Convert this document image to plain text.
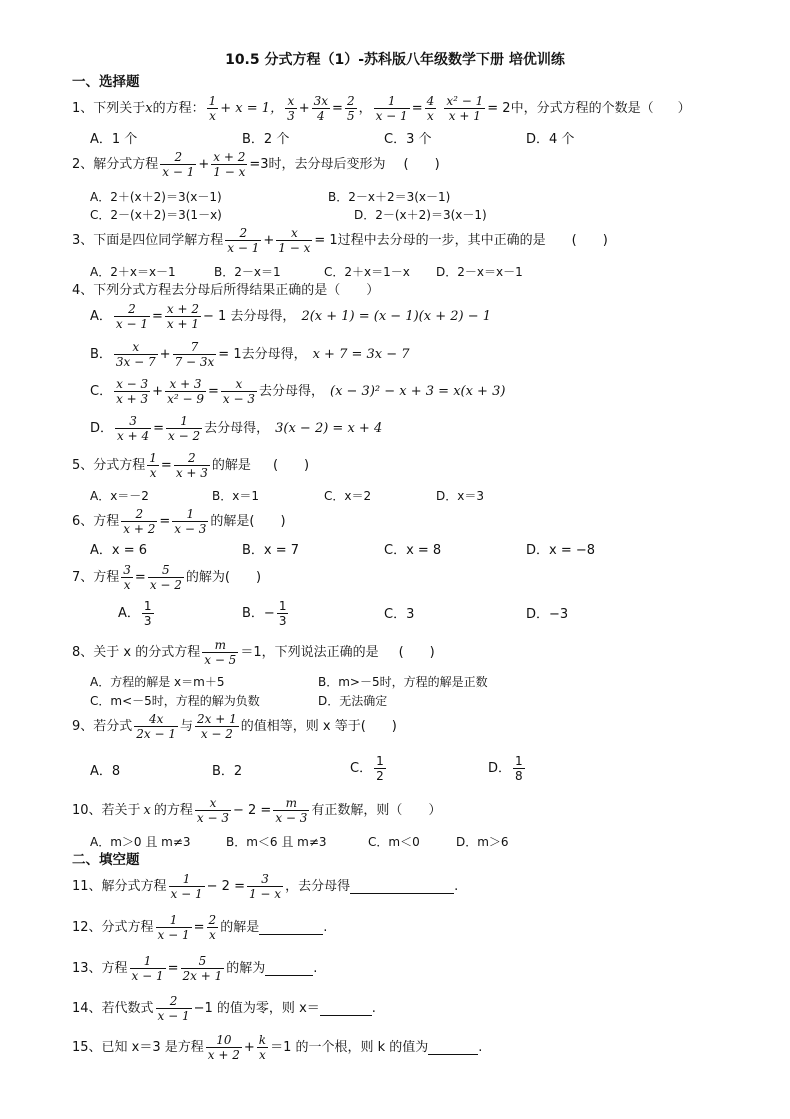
10.5 分式方程（1）-苏科版八年级数学下册 培优训练
一、选择题
1、下列关于 x 的方程： $\frac{1}{x} + x = 1$， $\frac{x}{3} + \frac{3x}{4} = \frac{2}{5}$ ， $\frac{1}{x - 1} = \frac{4}{x}$
$\frac{\text{x² − 1}}{x + 1} = 2$中，分式方程的个数是（ ）
A．1 个	B．2 个	C．3 个	D．4 个
2、解分式方程 $\frac{2}{x - 1} + \frac{x + 2}{1 - x} =3$时，去分母后变形为 (　　)
A．2＋(x＋2)＝3(x－1)	B．2－x＋2＝3(x－1)
C．2－(x＋2)＝3(1－x)	D．2－(x＋2)＝3(x－1)
3、下面是四位同学解方程 $\frac{2}{x - 1} + \frac{x}{1 - x} = 1$过程中去分母的一步，其中正确的是 (　　)
A．2＋x＝x－1	B．2－x＝1	C．2＋x＝1－x D．2－x＝x－1
4、下列分式方程去分母后所得结果正确的是（　　）
A． $\frac{2}{x - 1} = \frac{x + 2}{x + 1} - 1$ 去分母得， 2(x + 1) = (x − 1)(x + 2) − 1
B． $\frac{x}{3x - 7} + \frac{7}{7 - 3x} = 1$去分母得， x + 7 = 3x − 7
C． $\frac{x - 3}{x + 3} + \frac{x + 3}{\text{x² − 9}} = \frac{x}{x - 3}$ 去分母得， (x − 3)² − x + 3 = x(x + 3)
D． $\frac{3}{x + 4} = \frac{1}{x - 2}$ 去分母得， 3(x − 2) = x + 4
5、分式方程 $\frac{1}{x} = \frac{2}{x + 3}$ 的解是 (　　)
A．x＝－2	B．x＝1	C．x＝2	D．x＝3
6、方程 $\frac{2}{x + 2} = \frac{1}{x - 3}$ 的解是(　　)
A．x = 6	B．x = 7	C．x = 8	D．x = −8
7、方程 $\frac{3}{x} = \frac{5}{x - 2}$ 的解为(　　)
A． $\frac{1}{3}$	B．− $\frac{1}{3}$	C．3	D．−3
8、关于 x 的分式方程 $\frac{m}{x - 5} =1$，下列说法正确的是 (　　)
A．方程的解是 x＝m＋5	B．m>－5时，方程的解是正数
C．m<－5时，方程的解为负数	D．无法确定
9、若分式 $\frac{4x}{2x - 1}$ 与 $\frac{2x + 1}{x - 2}$ 的值相等，则 x 等于(　　)
A．8	B．2	C． $\frac{1}{2}$	D． $\frac{1}{8}$
10、若关于 x 的方程 $\frac{x}{x - 3} - 2 = \frac{m}{x - 3}$ 有正数解，则（　　）
A．m＞0 且 m≠3	B．m＜6 且 m≠3	C．m＜0	D．m＞6
二、填空题
11、解分式方程 $\frac{1}{x - 1} - 2 = \frac{3}{1 - x}$ ，去分母得	.
12、分式方程 $\frac{1}{x - 1} = \frac{2}{x}$ 的解是	.
13、方程 $\frac{1}{x - 1} = \frac{5}{2x + 1}$ 的解为	.
14、若代数式 $\frac{2}{x - 1} -1$ 的值为零，则 x＝	.
15、已知 x＝3 是方程 $\frac{10}{x + 2} + \frac{k}{x} =1$ 的一个根，则 k 的值为	.
